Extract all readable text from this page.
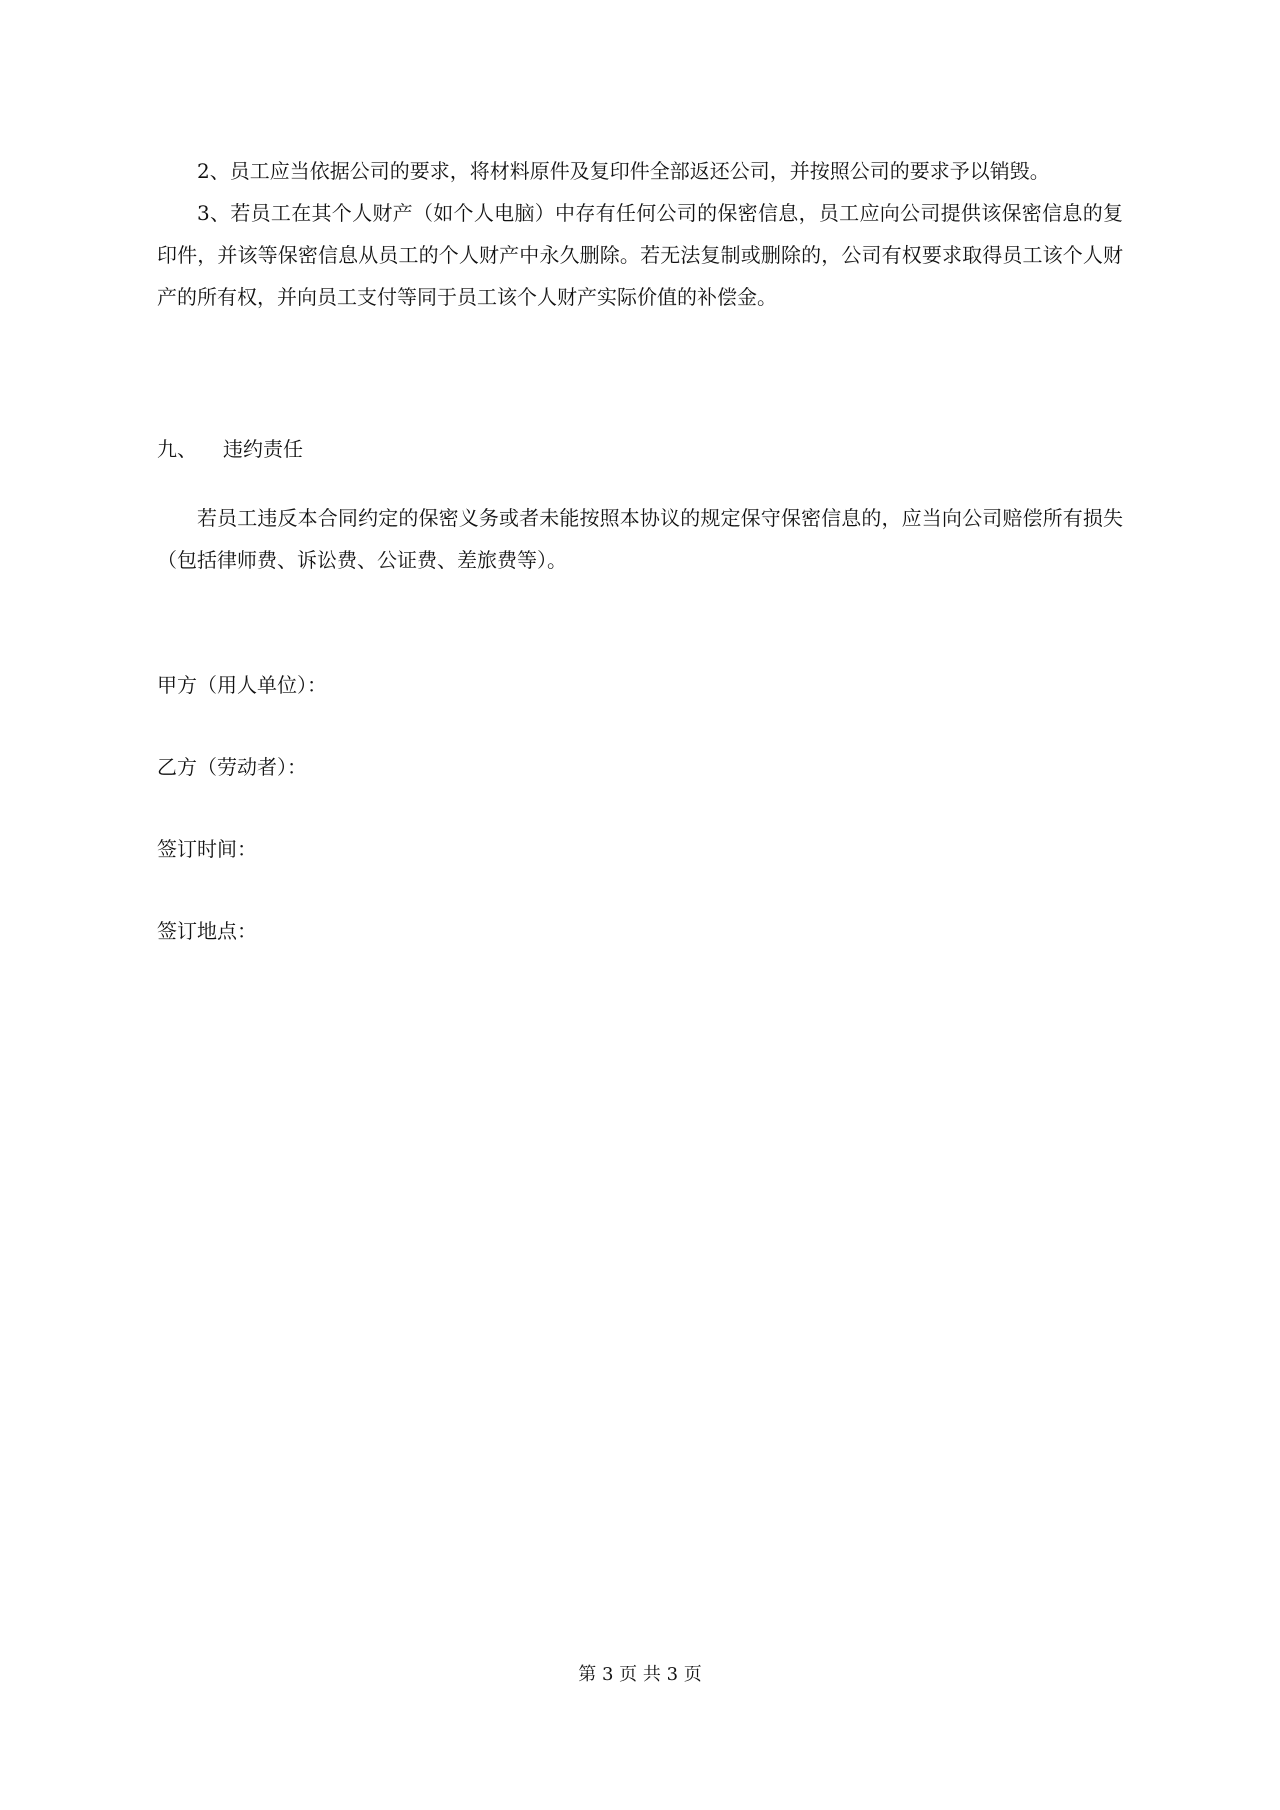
2、员工应当依据公司的要求，将材料原件及复印件全部返还公司，并按照公司的要求予以销毁。

3、若员工在其个人财产（如个人电脑）中存有任何公司的保密信息，员工应向公司提供该保密信息的复印件，并该等保密信息从员工的个人财产中永久删除。若无法复制或删除的，公司有权要求取得员工该个人财产的所有权，并向员工支付等同于员工该个人财产实际价值的补偿金。

九、 违约责任

若员工违反本合同约定的保密义务或者未能按照本协议的规定保守保密信息的，应当向公司赔偿所有损失（包括律师费、诉讼费、公证费、差旅费等）。

甲方（用人单位）：

乙方（劳动者）：

签订时间：

签订地点：

第 3 页 共 3 页
